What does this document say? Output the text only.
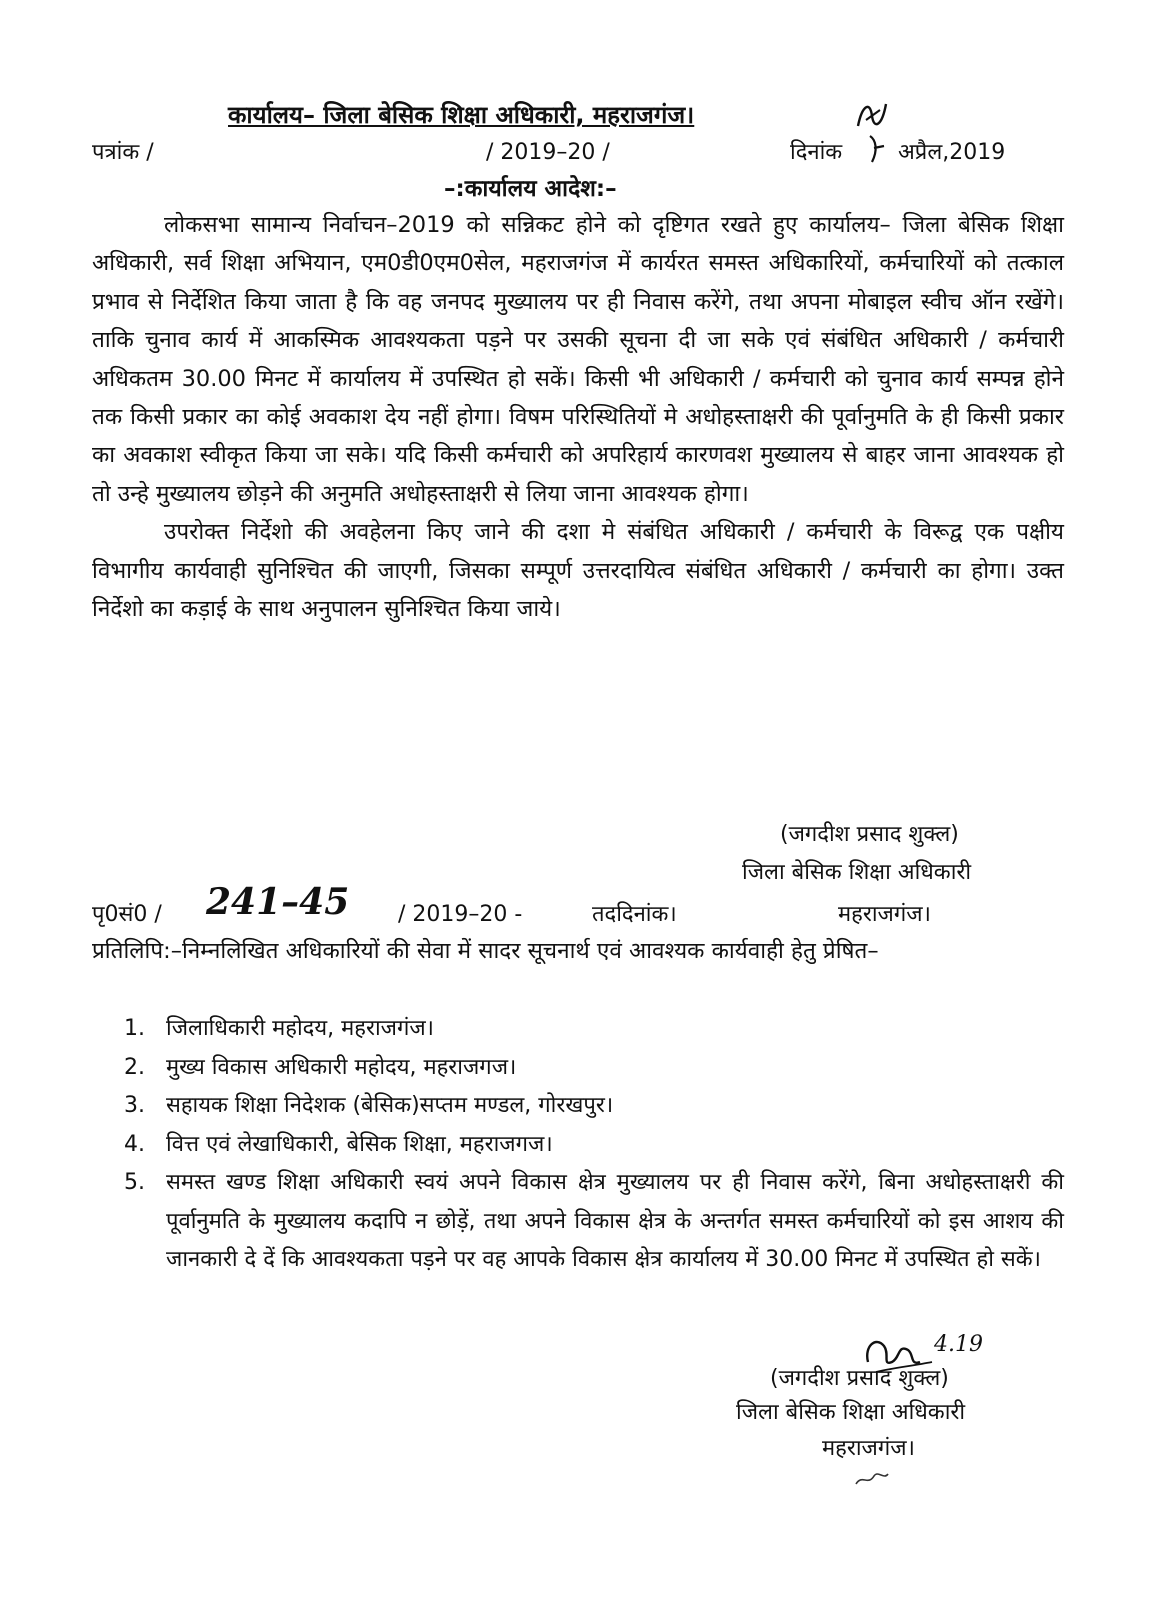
कार्यालय– जिला बेसिक शिक्षा अधिकारी, महराजगंज।
पत्रांक /	/ 2019–20 /	दिनांक	अप्रैल,2019
–:कार्यालय आदेश:–

लोकसभा सामान्य निर्वाचन–2019 को सन्निकट होने को दृष्टिगत रखते हुए कार्यालय– जिला बेसिक शिक्षा अधिकारी, सर्व शिक्षा अभियान, एम0डी0एम0सेल, महराजगंज में कार्यरत समस्त अधिकारियों, कर्मचारियों को तत्काल प्रभाव से निर्देशित किया जाता है कि वह जनपद मुख्यालय पर ही निवास करेंगे, तथा अपना मोबाइल स्वीच ऑन रखेंगे। ताकि चुनाव कार्य में आकस्मिक आवश्यकता पड़ने पर उसकी सूचना दी जा सके एवं संबंधित अधिकारी / कर्मचारी अधिकतम 30.00 मिनट में कार्यालय में उपस्थित हो सकें। किसी भी अधिकारी / कर्मचारी को चुनाव कार्य सम्पन्न होने तक किसी प्रकार का कोई अवकाश देय नहीं होगा। विषम परिस्थितियों मे अधोहस्ताक्षरी की पूर्वानुमति के ही किसी प्रकार का अवकाश स्वीकृत किया जा सके। यदि किसी कर्मचारी को अपरिहार्य कारणवश मुख्यालय से बाहर जाना आवश्यक हो तो उन्हे मुख्यालय छोड़ने की अनुमति अधोहस्ताक्षरी से लिया जाना आवश्यक होगा।

उपरोक्त निर्देशो की अवहेलना किए जाने की दशा मे संबंधित अधिकारी / कर्मचारी के विरूद्व एक पक्षीय विभागीय कार्यवाही सुनिश्चित की जाएगी, जिसका सम्पूर्ण उत्तरदायित्व संबंधित अधिकारी / कर्मचारी का होगा। उक्त निर्देशो का कड़ाई के साथ अनुपालन सुनिश्चित किया जाये।

(जगदीश प्रसाद शुक्ल)
जिला बेसिक शिक्षा अधिकारी
पृ0सं0 / 241–45 / 2019–20 -	तददिनांक।	महराजगंज।
प्रतिलिपि:–निम्नलिखित अधिकारियों की सेवा में सादर सूचनार्थ एवं आवश्यक कार्यवाही हेतु प्रेषित–
1. जिलाधिकारी महोदय, महराजगंज।
2. मुख्य विकास अधिकारी महोदय, महराजगज।
3. सहायक शिक्षा निदेशक (बेसिक)सप्तम मण्डल, गोरखपुर।
4. वित्त एवं लेखाधिकारी, बेसिक शिक्षा, महराजगज।
5. समस्त खण्ड शिक्षा अधिकारी स्वयं अपने विकास क्षेत्र मुख्यालय पर ही निवास करेंगे, बिना अधोहस्ताक्षरी की पूर्वानुमति के मुख्यालय कदापि न छोड़ें, तथा अपने विकास क्षेत्र के अन्तर्गत समस्त कर्मचारियों को इस आशय की जानकारी दे दें कि आवश्यकता पड़ने पर वह आपके विकास क्षेत्र कार्यालय में 30.00 मिनट में उपस्थित हो सकें।
4.19
(जगदीश प्रसाद शुक्ल)
जिला बेसिक शिक्षा अधिकारी
महराजगंज।
